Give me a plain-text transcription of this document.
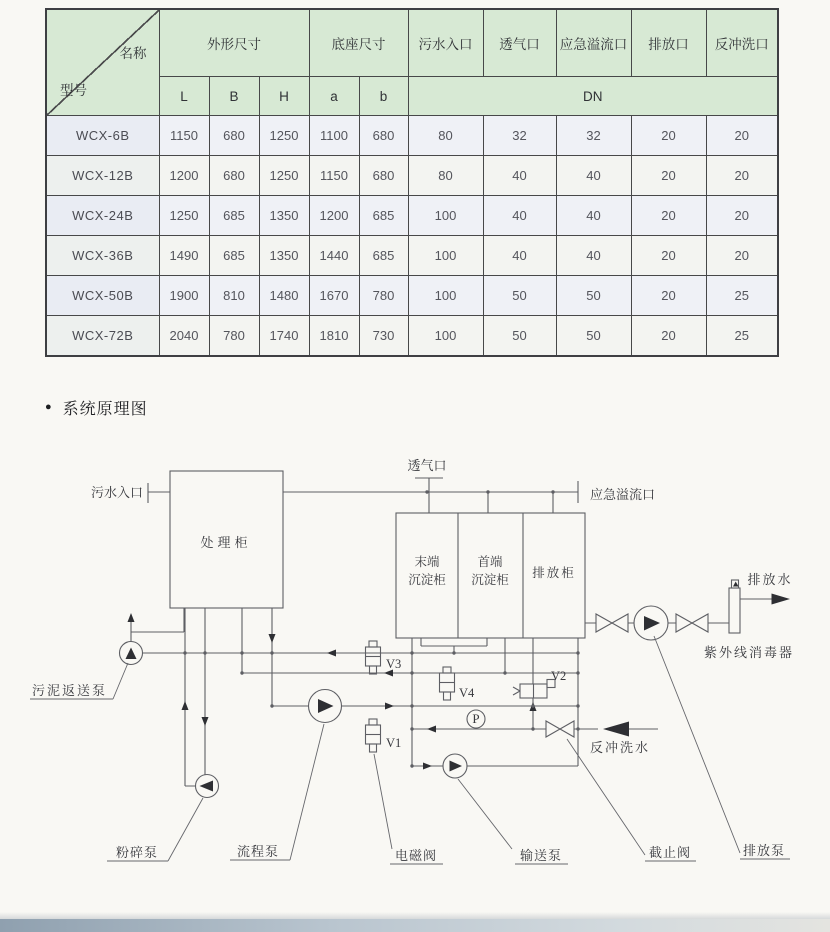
名称
型号	外形尺寸			底座尺寸		污水入口	透气口	应急溢流口	排放口	反冲洗口
	L	B	H	a	b	DN				
WCX-6B	1150	680	1250	1100	680	80	32	32	20	20
WCX-12B	1200	680	1250	1150	680	80	40	40	20	20
WCX-24B	1250	685	1350	1200	685	100	40	40	20	20
WCX-36B	1490	685	1350	1440	685	100	40	40	20	20
WCX-50B	1900	810	1480	1670	780	100	50	50	20	25
WCX-72B	2040	780	1740	1810	730	100	50	50	20	25
● 系统原理图
污水入口
透气口
应急溢流口
处理柜
末端
沉淀柜
首端
沉淀柜 排放柜	排放水
紫外线消毒器
污泥返送泵
反冲洗水
V3
V4
V2
V1
P
粉碎泵	流程泵	电磁阀	输送泵	截止阀	排放泵
